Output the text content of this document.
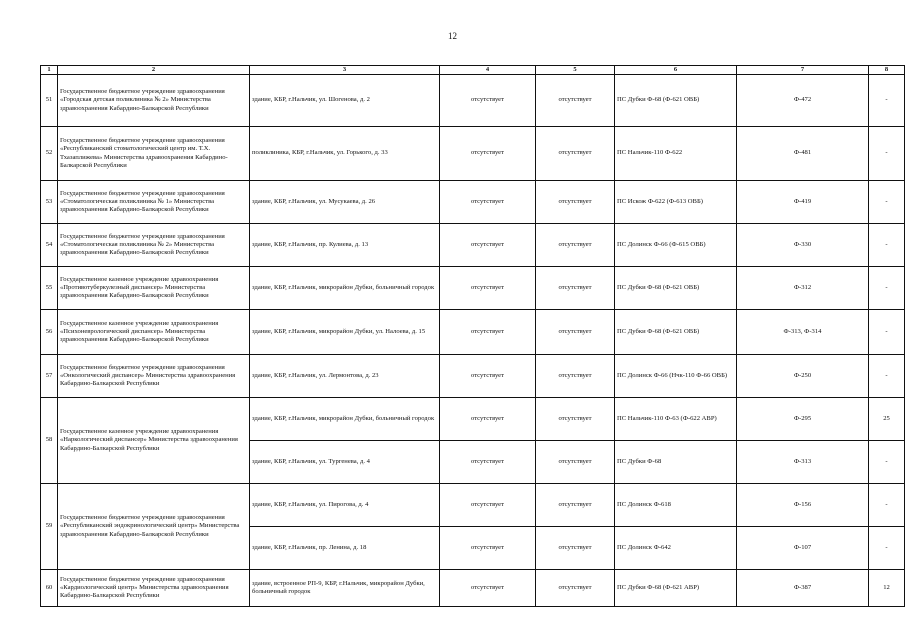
12
1	2	3	4	5	6	7	8
51	Государственное бюджетное учреждение здравоохранения «Городская детская поликлиника № 2» Министерства здравоохранения Кабардино-Балкарской Республики	здание, КБР, г.Нальчик, ул. Шогенова, д. 2	отсутствует	отсутствует	ПС Дубки Ф-68 (Ф-621 ОВБ)	Ф-472	-
52	Государственное бюджетное учреждение здравоохранения «Республиканский стоматологический центр им. Т.Х. Тхазаплижева» Министерства здравоохранения Кабардино-Балкарской Республики	поликлиника, КБР, г.Нальчик, ул. Горького, д. 33	отсутствует	отсутствует	ПС Нальчик-110 Ф-622	Ф-481	-
53	Государственное бюджетное учреждение здравоохранения «Стоматологическая поликлиника № 1» Министерства здравоохранения Кабардино-Балкарской Республики	здание, КБР, г.Нальчик, ул. Мусукаева, д. 26	отсутствует	отсутствует	ПС Искож Ф-622 (Ф-613 ОВБ)	Ф-419	-
54	Государственное бюджетное учреждение здравоохранения «Стоматологическая поликлиника № 2» Министерства здравоохранения Кабардино-Балкарской Республики	здание, КБР, г.Нальчик, пр. Кулиева, д. 13	отсутствует	отсутствует	ПС Долинск Ф-66 (Ф-615 ОВБ)	Ф-330	-
55	Государственное казенное учреждение здравоохранения «Противотуберкулезный диспансер» Министерства здравоохранения Кабардино-Балкарской Республики	здание, КБР, г.Нальчик, микрорайон Дубки, больничный городок	отсутствует	отсутствует	ПС Дубки Ф-68 (Ф-621 ОВБ)	Ф-312	-
56	Государственное казенное учреждение здравоохранения «Психоневрологический диспансер» Министерства здравоохранения Кабардино-Балкарской Республики	здание, КБР, г.Нальчик, микрорайон Дубки, ул. Налоева, д. 15	отсутствует	отсутствует	ПС Дубки Ф-68 (Ф-621 ОВБ)	Ф-313, Ф-314	-
57	Государственное бюджетное учреждение здравоохранения «Онкологический диспансер» Министерства здравоохранения Кабардино-Балкарской Республики	здание, КБР, г.Нальчик, ул. Лермонтова, д. 23	отсутствует	отсутствует	ПС Долинск Ф-66 (Нчк-110 Ф-66 ОВБ)	Ф-250	-
58	Государственное казенное учреждение здравоохранения «Наркологический диспансер» Министерства здравоохранения Кабардино-Балкарской Республики	здание, КБР, г.Нальчик, микрорайон Дубки, больничный городок	отсутствует	отсутствует	ПС Нальчик-110 Ф-63 (Ф-622 АВР)	Ф-295	25
		здание, КБР, г.Нальчик, ул. Тургенева, д. 4	отсутствует	отсутствует	ПС Дубки Ф-68	Ф-313	-
59	Государственное бюджетное учреждение здравоохранения «Республиканский эндокринологический центр» Министерства здравоохранения Кабардино-Балкарской Республики	здание, КБР, г.Нальчик, ул. Пирогова, д. 4	отсутствует	отсутствует	ПС Долинск Ф-618	Ф-156	-
		здание, КБР, г.Нальчик, пр. Ленина, д. 18	отсутствует	отсутствует	ПС Долинск Ф-642	Ф-107	-
60	Государственное бюджетное учреждение здравоохранения «Кардиологический центр» Министерства здравоохранения Кабардино-Балкарской Республики	здание, встроенное РП-9, КБР, г.Нальчик, микрорайон Дубки, больничный городок	отсутствует	отсутствует	ПС Дубки Ф-68 (Ф-621 АВР)	Ф-387	12
